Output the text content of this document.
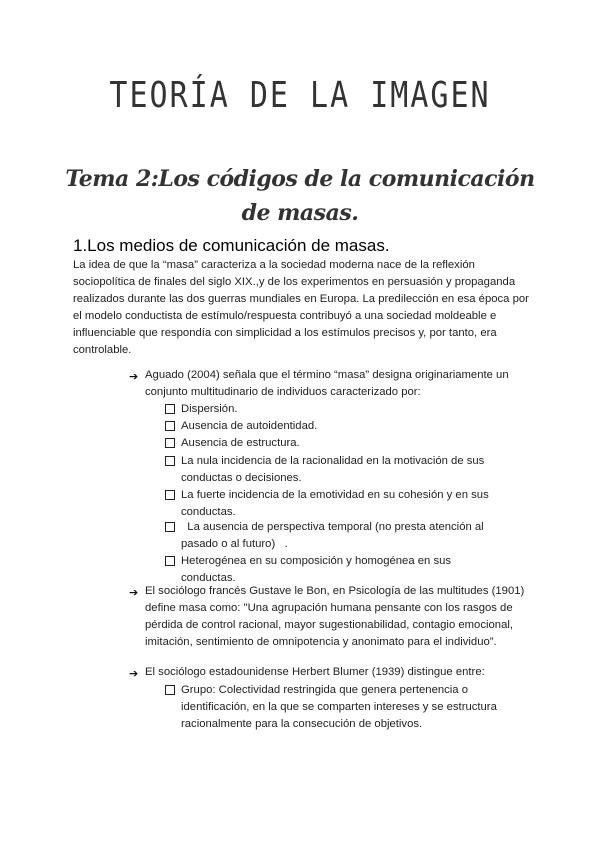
TEORÍA DE LA IMAGEN
Tema 2:Los códigos de la comunicación de masas.
1.Los medios de comunicación de masas.
La idea de que la “masa” caracteriza a la sociedad moderna nace de la reflexión sociopolítica de finales del siglo XIX.,y de los experimentos en persuasión y propaganda realizados durante las dos guerras mundiales en Europa. La predilección en esa época por el modelo conductista de estímulo/respuesta contribuyó a una sociedad moldeable e influenciable que respondía con simplicidad a los estímulos precisos y, por tanto, era controlable.
➔ Aguado (2004) señala que el término “masa” designa originariamente un conjunto multitudinario de individuos caracterizado por:
Dispersión.
Ausencia de autoidentidad.
Ausencia de estructura.
La nula incidencia de la racionalidad en la motivación de sus conductas o decisiones.
La fuerte incidencia de la emotividad en su cohesión y en sus conductas.
La ausencia de perspectiva temporal (no presta atención al pasado o al futuro)   .
Heterogénea en su composición y homogénea en sus conductas.
➔ El sociólogo francés Gustave le Bon, en Psicología de las multitudes (1901) define masa como: "Una agrupación humana pensante con los rasgos de pérdida de control racional, mayor sugestionabilidad, contagio emocional, imitación, sentimiento de omnipotencia y anonimato para el individuo”.
➔ El sociólogo estadounidense Herbert Blumer (1939) distingue entre:
Grupo: Colectividad restringida que genera pertenencia o identificación, en la que se comparten intereses y se estructura racionalmente para la consecución de objetivos.
